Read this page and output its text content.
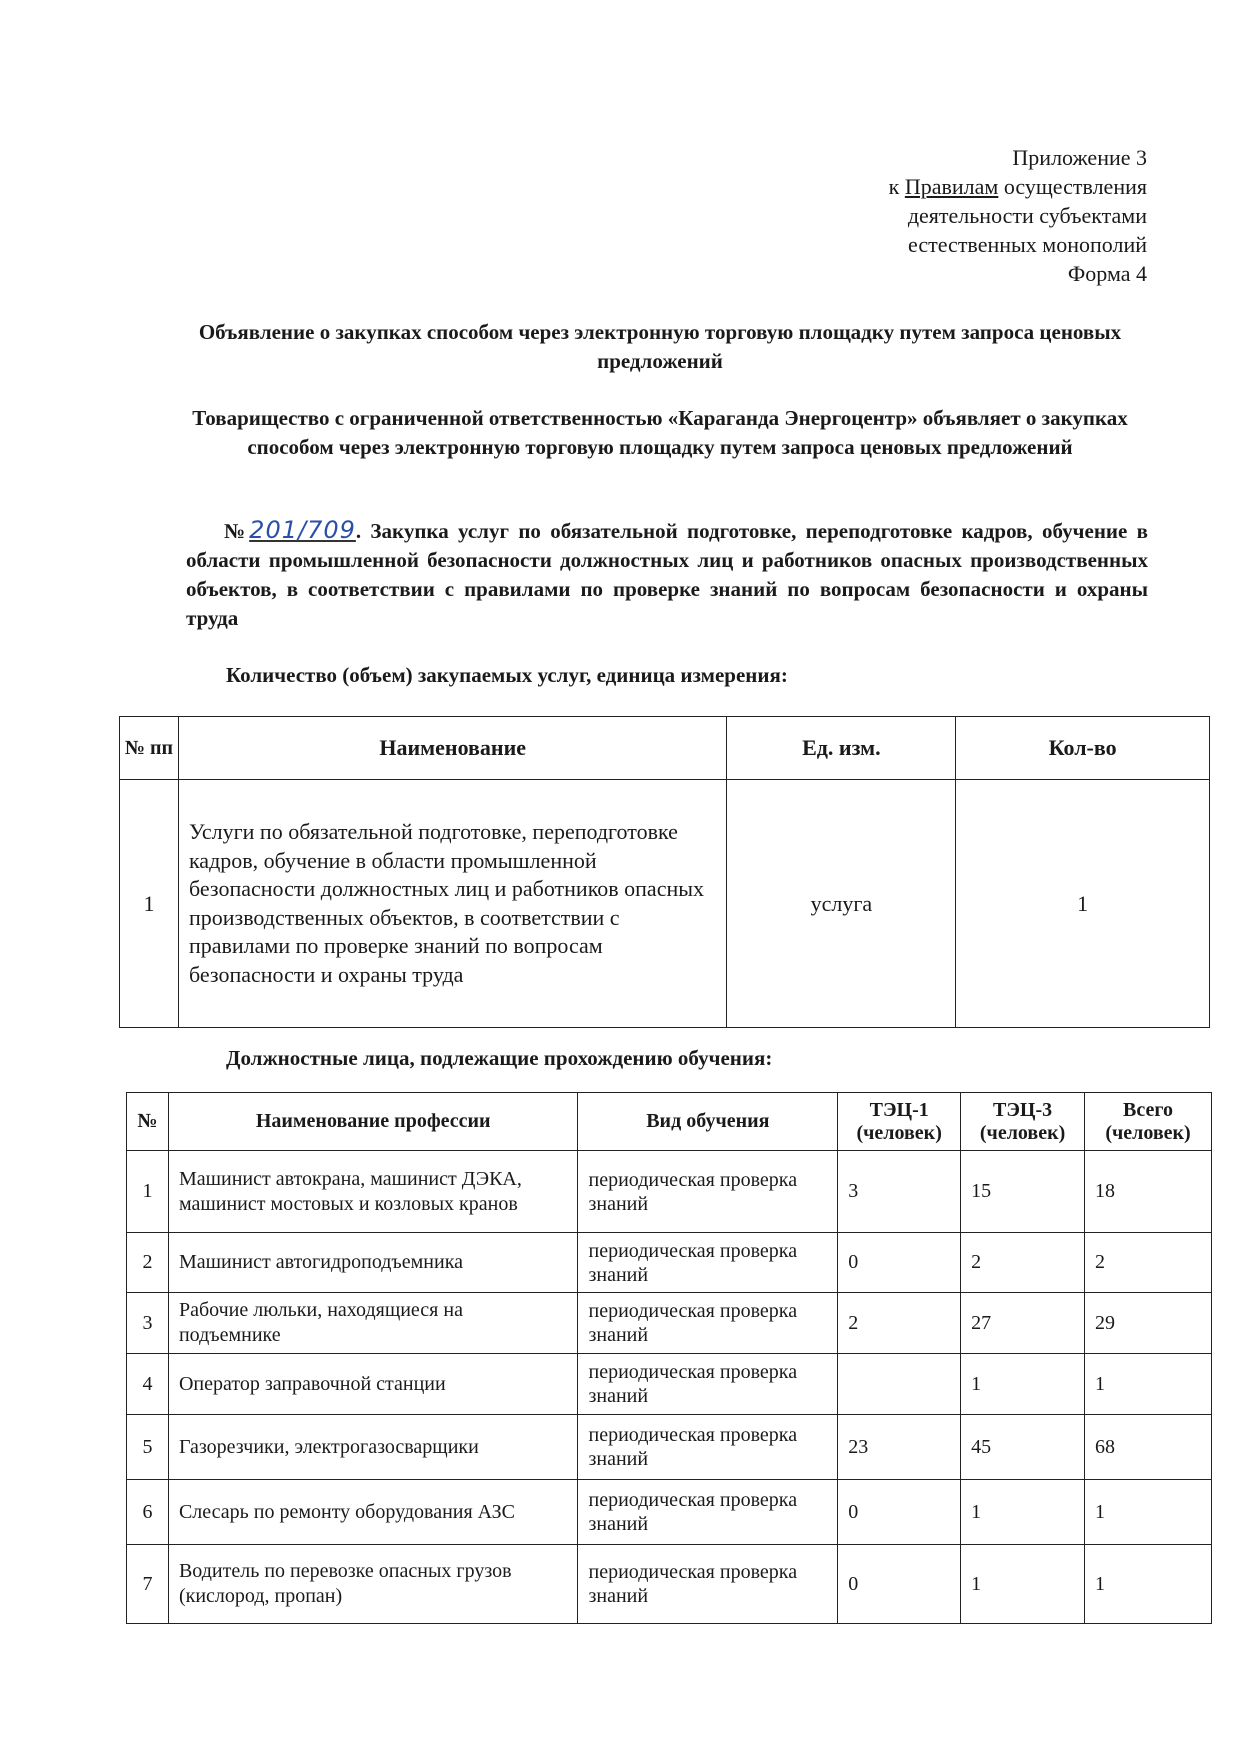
Приложение 3
к Правилам осуществления
деятельности субъектами
естественных монополий
Форма 4
Объявление о закупках способом через электронную торговую площадку путем запроса ценовых предложений
Товарищество с ограниченной ответственностью «Караганда Энергоцентр» объявляет о закупках способом через электронную торговую площадку путем запроса ценовых предложений
№201/709. Закупка услуг по обязательной подготовке, переподготовке кадров, обучение в области промышленной безопасности должностных лиц и работников опасных производственных объектов, в соответствии с правилами по проверке знаний по вопросам безопасности и охраны труда
Количество (объем) закупаемых услуг, единица измерения:
№ пп	Наименование	Ед. изм.	Кол-во
1	Услуги по обязательной подготовке, переподготовке кадров, обучение в области промышленной безопасности должностных лиц и работников опасных производственных объектов, в соответствии с правилами по проверке знаний по вопросам безопасности и охраны труда	услуга	1
Должностные лица, подлежащие прохождению обучения:
№	Наименование профессии	Вид обучения	ТЭЦ-1 (человек)	ТЭЦ-3 (человек)	Всего (человек)
1	Машинист автокрана, машинист ДЭКА, машинист мостовых и козловых кранов	периодическая проверка знаний	3	15	18
2	Машинист автогидроподъемника	периодическая проверка знаний	0	2	2
3	Рабочие люльки, находящиеся на подъемнике	периодическая проверка знаний	2	27	29
4	Оператор заправочной станции	периодическая проверка знаний		1	1
5	Газорезчики, электрогазосварщики	периодическая проверка знаний	23	45	68
6	Слесарь по ремонту оборудования АЗС	периодическая проверка знаний	0	1	1
7	Водитель по перевозке опасных грузов (кислород, пропан)	периодическая проверка знаний	0	1	1
